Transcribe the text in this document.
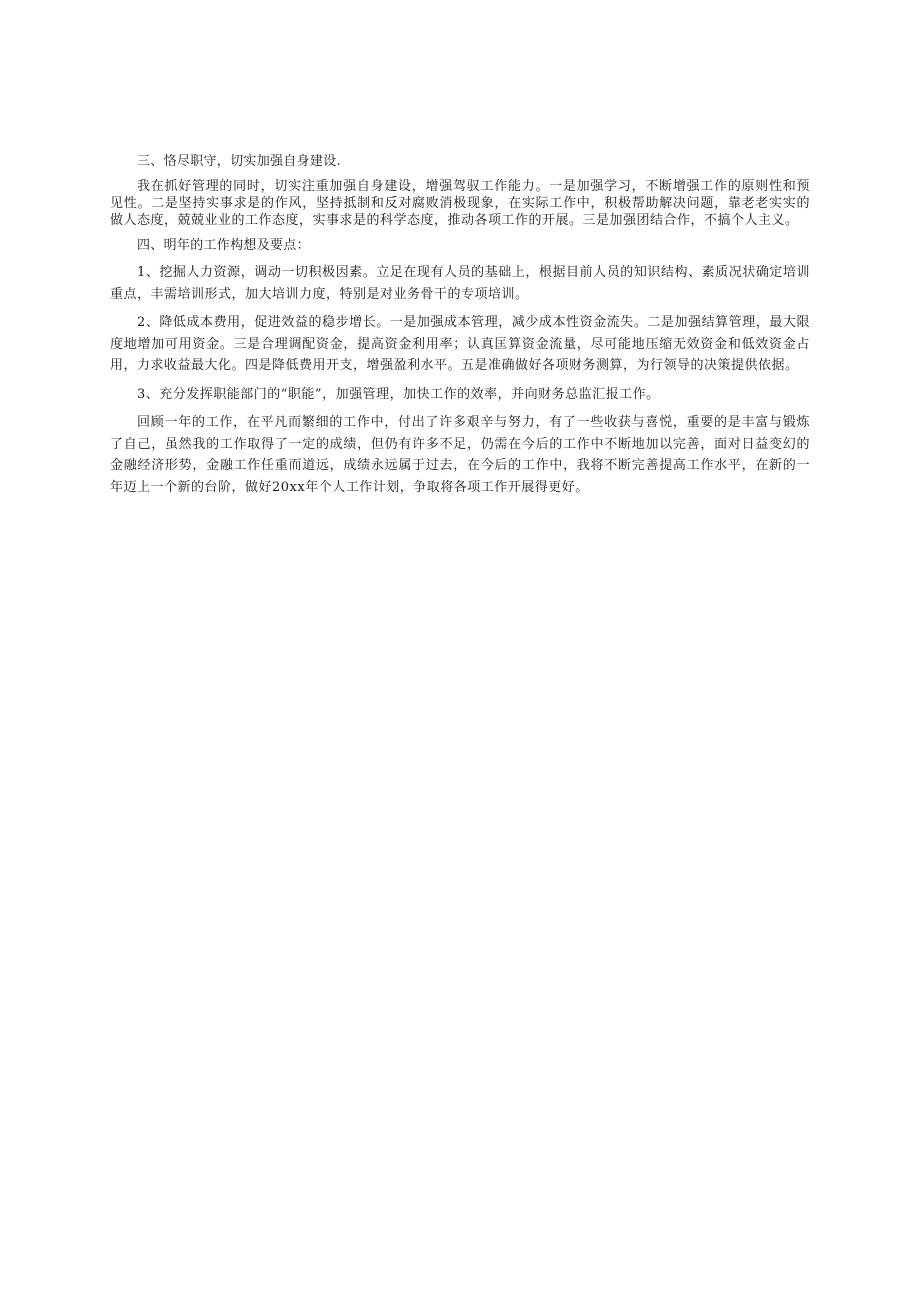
三、恪尽职守，切实加强自身建设.

我在抓好管理的同时，切实注重加强自身建设，增强驾驭工作能力。一是加强学习，不断增强工作的原则性和预见性。二是坚持实事求是的作风，坚持抵制和反对腐败消极现象，在实际工作中，积极帮助解决问题，靠老老实实的做人态度，兢兢业业的工作态度，实事求是的科学态度，推动各项工作的开展。三是加强团结合作，不搞个人主义。

四、明年的工作构想及要点：

1、挖掘人力资源，调动一切积极因素。立足在现有人员的基础上，根据目前人员的知识结构、素质况状确定培训重点，丰需培训形式，加大培训力度，特别是对业务骨干的专项培训。

2、降低成本费用，促进效益的稳步增长。一是加强成本管理，减少成本性资金流失。二是加强结算管理，最大限度地增加可用资金。三是合理调配资金，提高资金利用率；认真匡算资金流量，尽可能地压缩无效资金和低效资金占用，力求收益最大化。四是降低费用开支，增强盈利水平。五是准确做好各项财务测算，为行领导的决策提供依据。

3、充分发挥职能部门的“职能”，加强管理，加快工作的效率，并向财务总监汇报工作。

回顾一年的工作，在平凡而繁细的工作中，付出了许多艰辛与努力，有了一些收获与喜悦，重要的是丰富与锻炼了自己，虽然我的工作取得了一定的成绩，但仍有许多不足，仍需在今后的工作中不断地加以完善，面对日益变幻的金融经济形势，金融工作任重而道远，成绩永远属于过去，在今后的工作中，我将不断完善提高工作水平，在新的一年迈上一个新的台阶，做好20xx年个人工作计划，争取将各项工作开展得更好。
